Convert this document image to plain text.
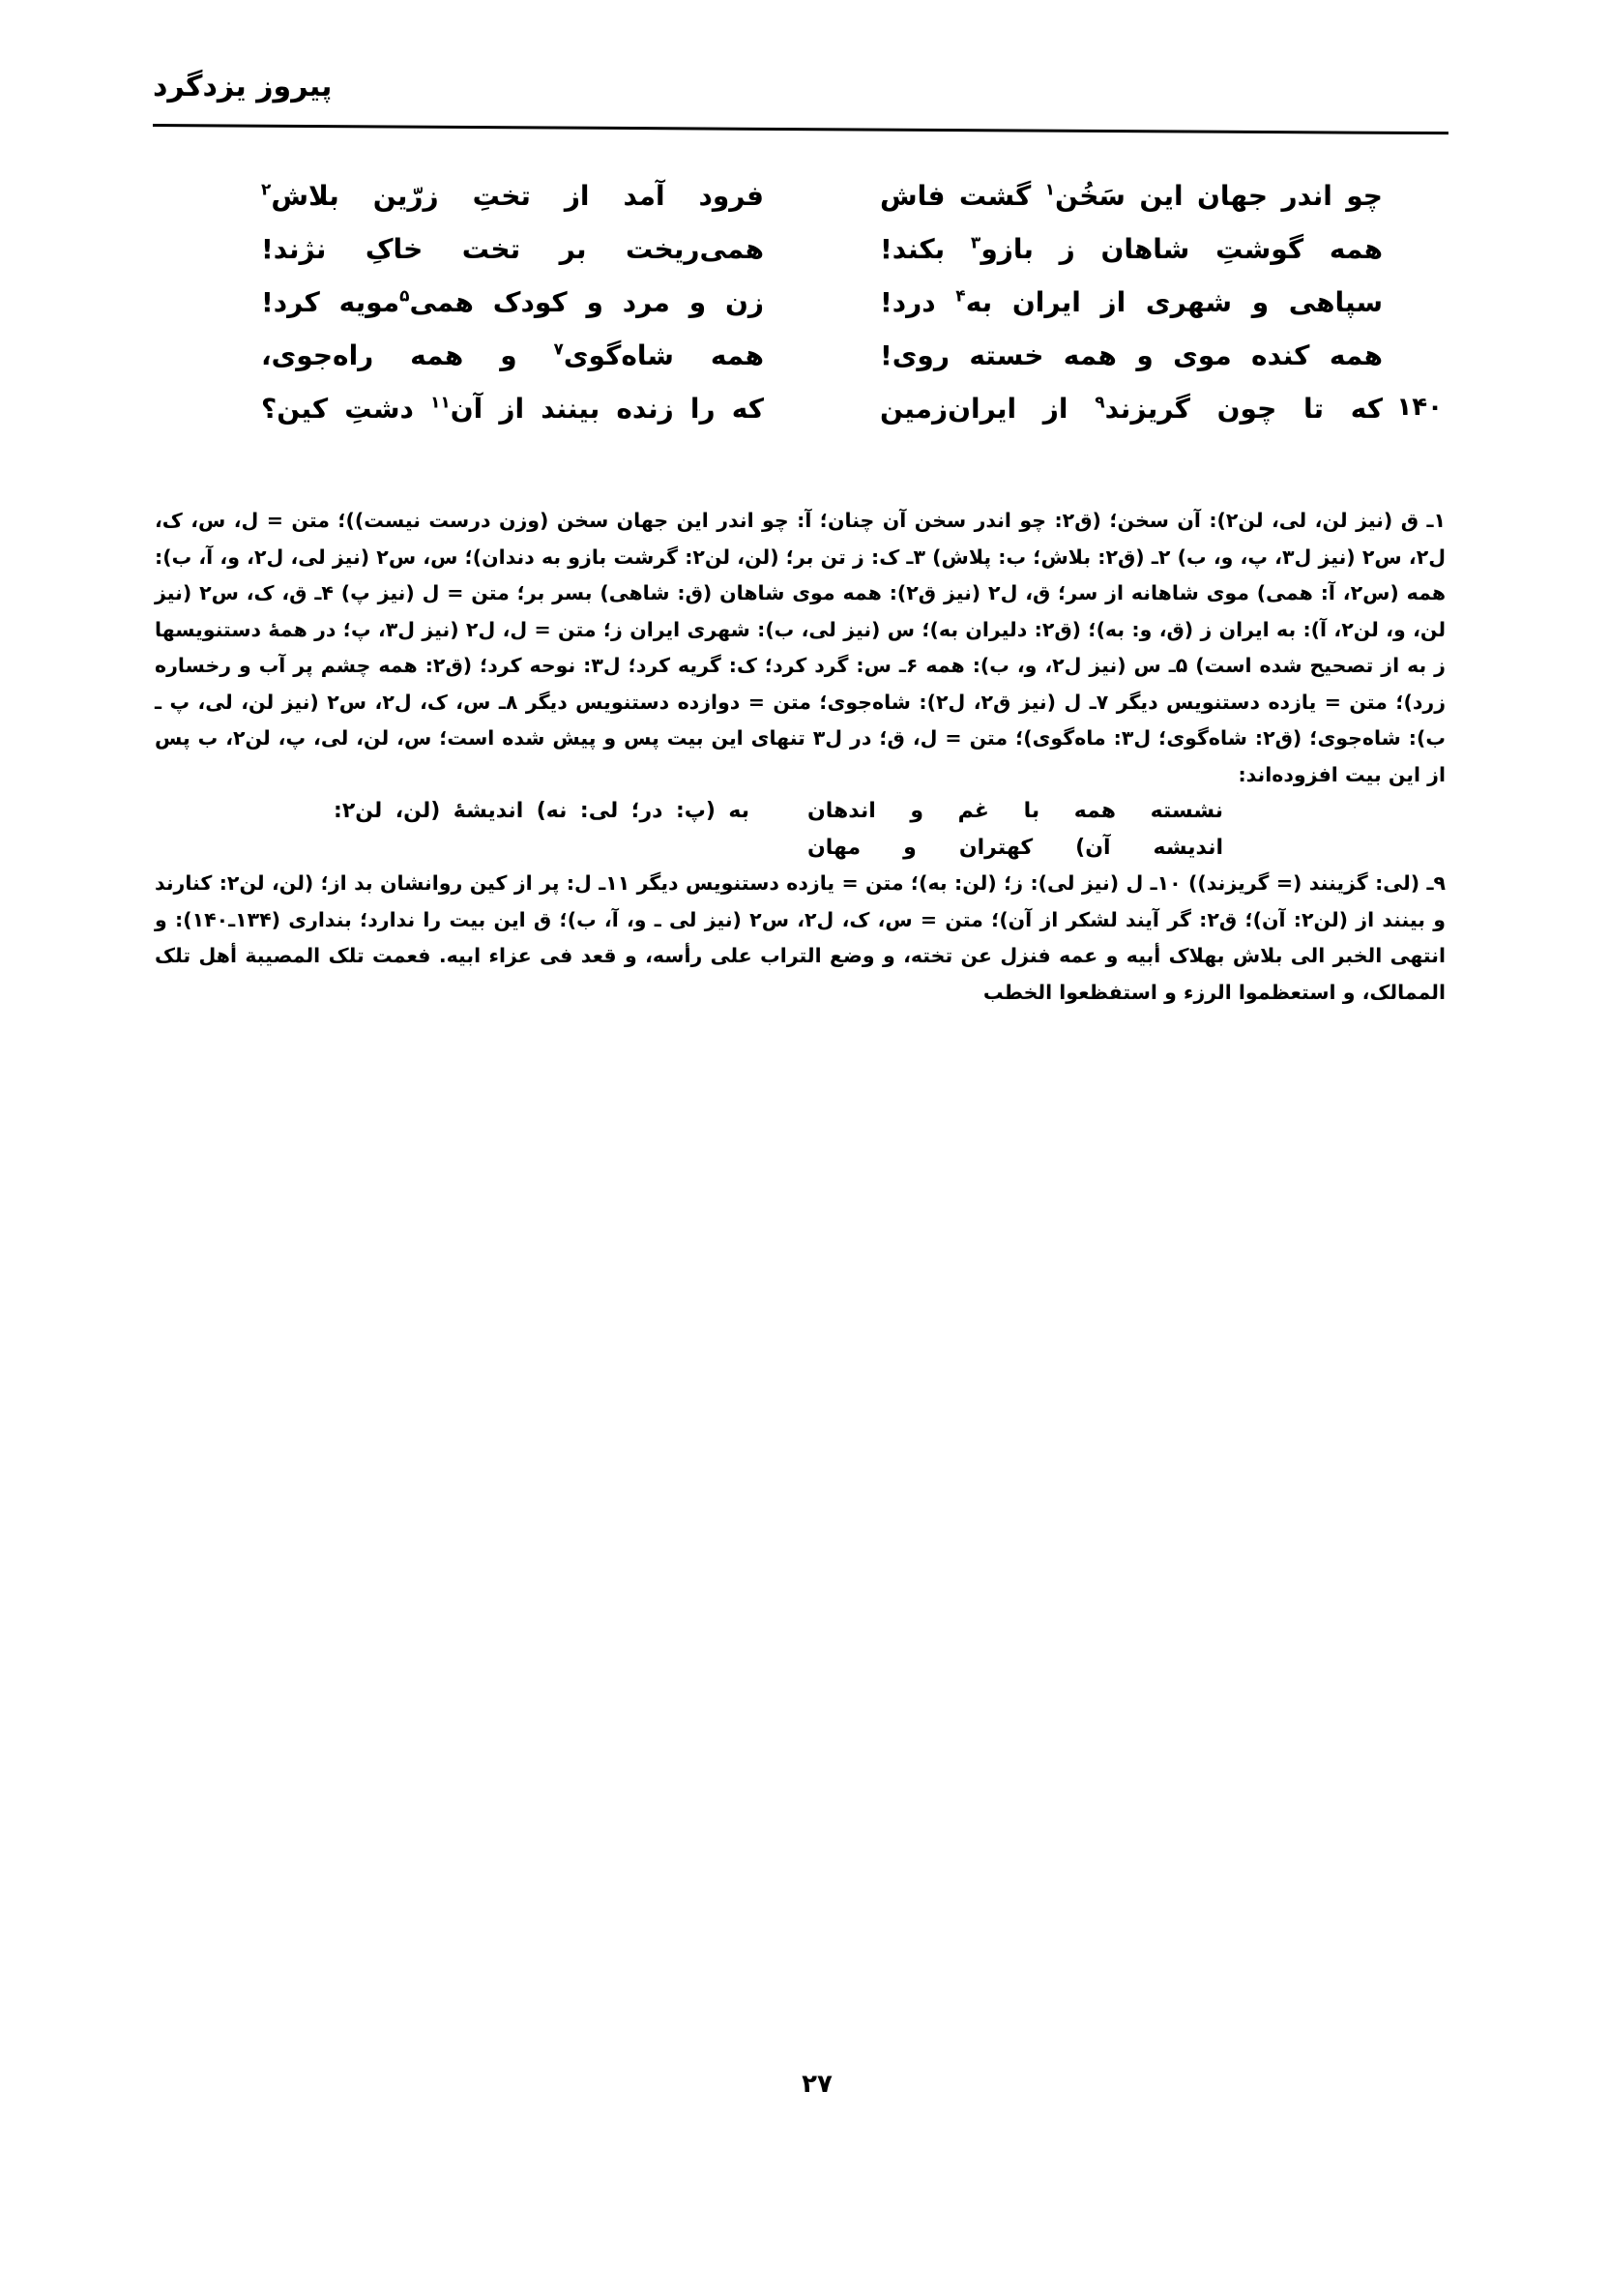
پیروز یزدگرد
چو اندر جهان این سَخُن$^۱$ گشت فاش
فرود آمد از تختِ زرّین بلاش$^۲$
همه گوشتِ شاهان ز بازو$^۳$ بکند!
همی‌ریخت بر تخت خاکِ نژند!
سپاهی و شهری از ایران به$^۴$ درد!
زن و مرد و کودک همی$^۵$مویه کرد!
همه کنده موی و همه خسته روی!
همه شاه‌گوی$^۷$ و همه راه‌جوی،
۱۴۰
که تا چون گریزند$^۹$ از ایران‌زمین
که را زنده بینند از آن$^{۱۱}$ دشتِ کین؟
۱ـ ق (نیز لن، لی، لن۲): آن سخن؛ (ق۲: چو اندر سخن آن چنان؛ آ: چو اندر این جهان سخن (وزن درست نیست))؛ متن = ل، س، ک، ل۲، س۲ (نیز ل۳، پ، و، ب) ۲ـ (ق۲: بلاش؛ ب: پلاش) ۳ـ ک: ز تن بر؛ (لن، لن۲: گرشت بازو به دندان)؛ س، س۲ (نیز لی، ل۲، و، آ، ب): همه (س۲، آ: همی) موی شاهانه از سر؛ ق، ل۲ (نیز ق۲): همه موی شاهان (ق: شاهی) بسر بر؛ متن = ل (نیز پ) ۴ـ ق، ک، س۲ (نیز لن، و، لن۲، آ): به ایران ز (ق، و: به)؛ (ق۲: دلیران به)؛ س (نیز لی، ب): شهری ایران ز؛ متن = ل، ل۲ (نیز ل۳، پ؛ در همهٔ دستنویسها ز به از تصحیح شده است) ۵ـ س (نیز ل۲، و، ب): همه ۶ـ س: گرد کرد؛ ک: گریه کرد؛ ل۳: نوحه کرد؛ (ق۲: همه چشم پر آب و رخساره زرد)؛ متن = یازده دستنویس دیگر ۷ـ ل (نیز ق۲، ل۲): شاه‌جوی؛ متن = دوازده دستنویس دیگر ۸ـ س، ک، ل۲، س۲ (نیز لن، لی، پ ـ ب): شاه‌جوی؛ (ق۲: شاه‌گوی؛ ل۳: ماه‌گوی)؛ متن = ل، ق؛ در ل۳ تنهای این بیت پس و پیش شده است؛ س، لن، لی، پ، لن۲، ب پس از این بیت افزوده‌اند:
نشسته همه با غم و اندهان
به (پ: در؛ لی: نه) اندیشهٔ (لن، لن۲:
اندیشه آن) کهتران و مهان
۹ـ (لی: گزینند (= گریزند)) ۱۰ـ ل (نیز لی): ز؛ (لن: به)؛ متن = یازده دستنویس دیگر ۱۱ـ ل: پر از کین روانشان بد از؛ (لن، لن۲: کنارند و بینند از (لن۲: آن)؛ ق۲: گر آیند لشکر از آن)؛ متن = س، ک، ل۲، س۲ (نیز لی ـ و، آ، ب)؛ ق این بیت را ندارد؛ بنداری (۱۳۴ـ۱۴۰): و انتهی الخبر الی بلاش بهلاک أبیه و عمه فنزل عن تخته، و وضع التراب علی رأسه، و قعد فی عزاء ابیه. فعمت تلک المصیبة أهل تلک الممالک، و استعظموا الرزء و استفظعوا الخطب
۲۷
